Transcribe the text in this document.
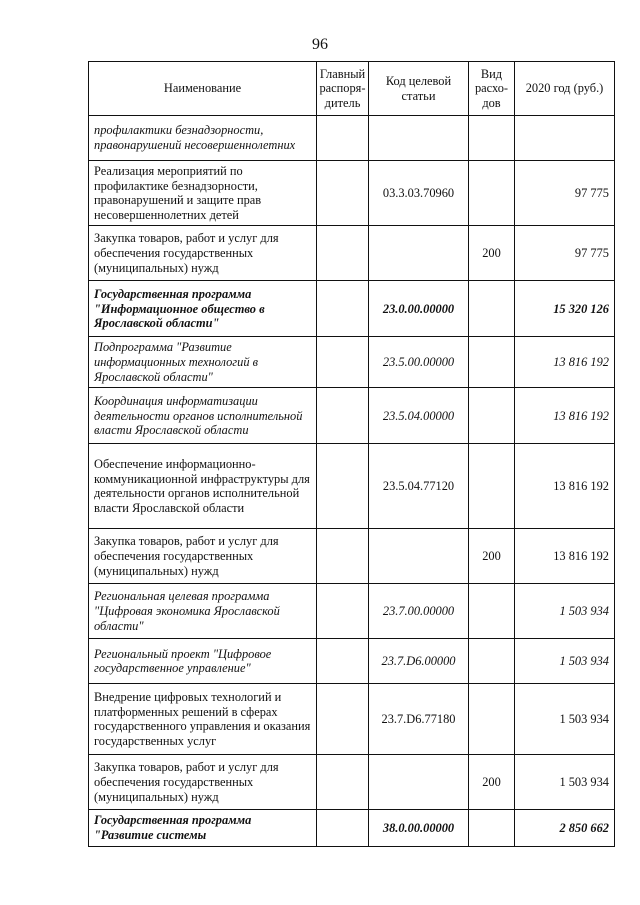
96
Наименование	Главный распоря-дитель	Код целевой статьи	Вид расхо-дов	2020 год (руб.)
профилактики безнадзорности, правонарушений несовершеннолетних				
Реализация мероприятий по профилактике безнадзорности, правонарушений и защите прав несовершеннолетних детей		03.3.03.70960		97 775
Закупка товаров, работ и услуг для обеспечения государственных (муниципальных) нужд			200	97 775
Государственная программа "Информационное общество в Ярославской области"		23.0.00.00000		15 320 126
Подпрограмма "Развитие информационных технологий в Ярославской области"		23.5.00.00000		13 816 192
Координация информатизации деятельности органов исполнительной власти Ярославской области		23.5.04.00000		13 816 192
Обеспечение информационно-коммуникационной инфраструктуры для деятельности органов исполнительной власти Ярославской области		23.5.04.77120		13 816 192
Закупка товаров, работ и услуг для обеспечения государственных (муниципальных) нужд			200	13 816 192
Региональная целевая программа "Цифровая экономика Ярославской области"		23.7.00.00000		1 503 934
Региональный проект "Цифровое государственное управление"		23.7.D6.00000		1 503 934
Внедрение цифровых технологий и платформенных решений в сферах государственного управления и оказания государственных услуг		23.7.D6.77180		1 503 934
Закупка товаров, работ и услуг для обеспечения государственных (муниципальных) нужд			200	1 503 934
Государственная программа "Развитие системы		38.0.00.00000		2 850 662
